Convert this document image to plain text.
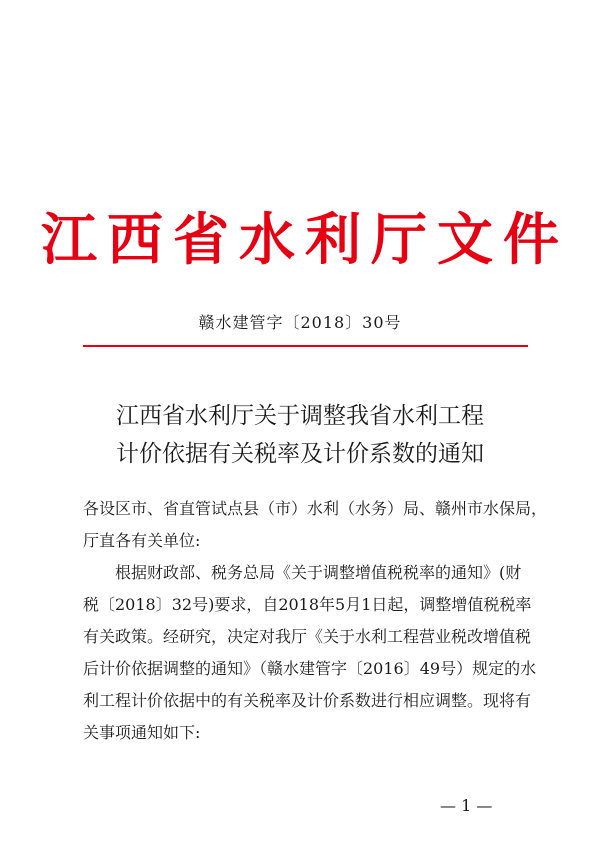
江西省水利厅文件
赣水建管字〔2018〕30号
江西省水利厅关于调整我省水利工程
计价依据有关税率及计价系数的通知
各设区市、省直管试点县（市）水利（水务）局、赣州市水保局，
厅直各有关单位:
根据财政部、税务总局《关于调整增值税税率的通知》(财
税〔2018〕32号)要求，自2018年5月1日起，调整增值税税率
有关政策。经研究，决定对我厅《关于水利工程营业税改增值税
后计价依据调整的通知》（赣水建管字〔2016〕49号）规定的水
利工程计价依据中的有关税率及计价系数进行相应调整。现将有
关事项通知如下:
— 1 —
